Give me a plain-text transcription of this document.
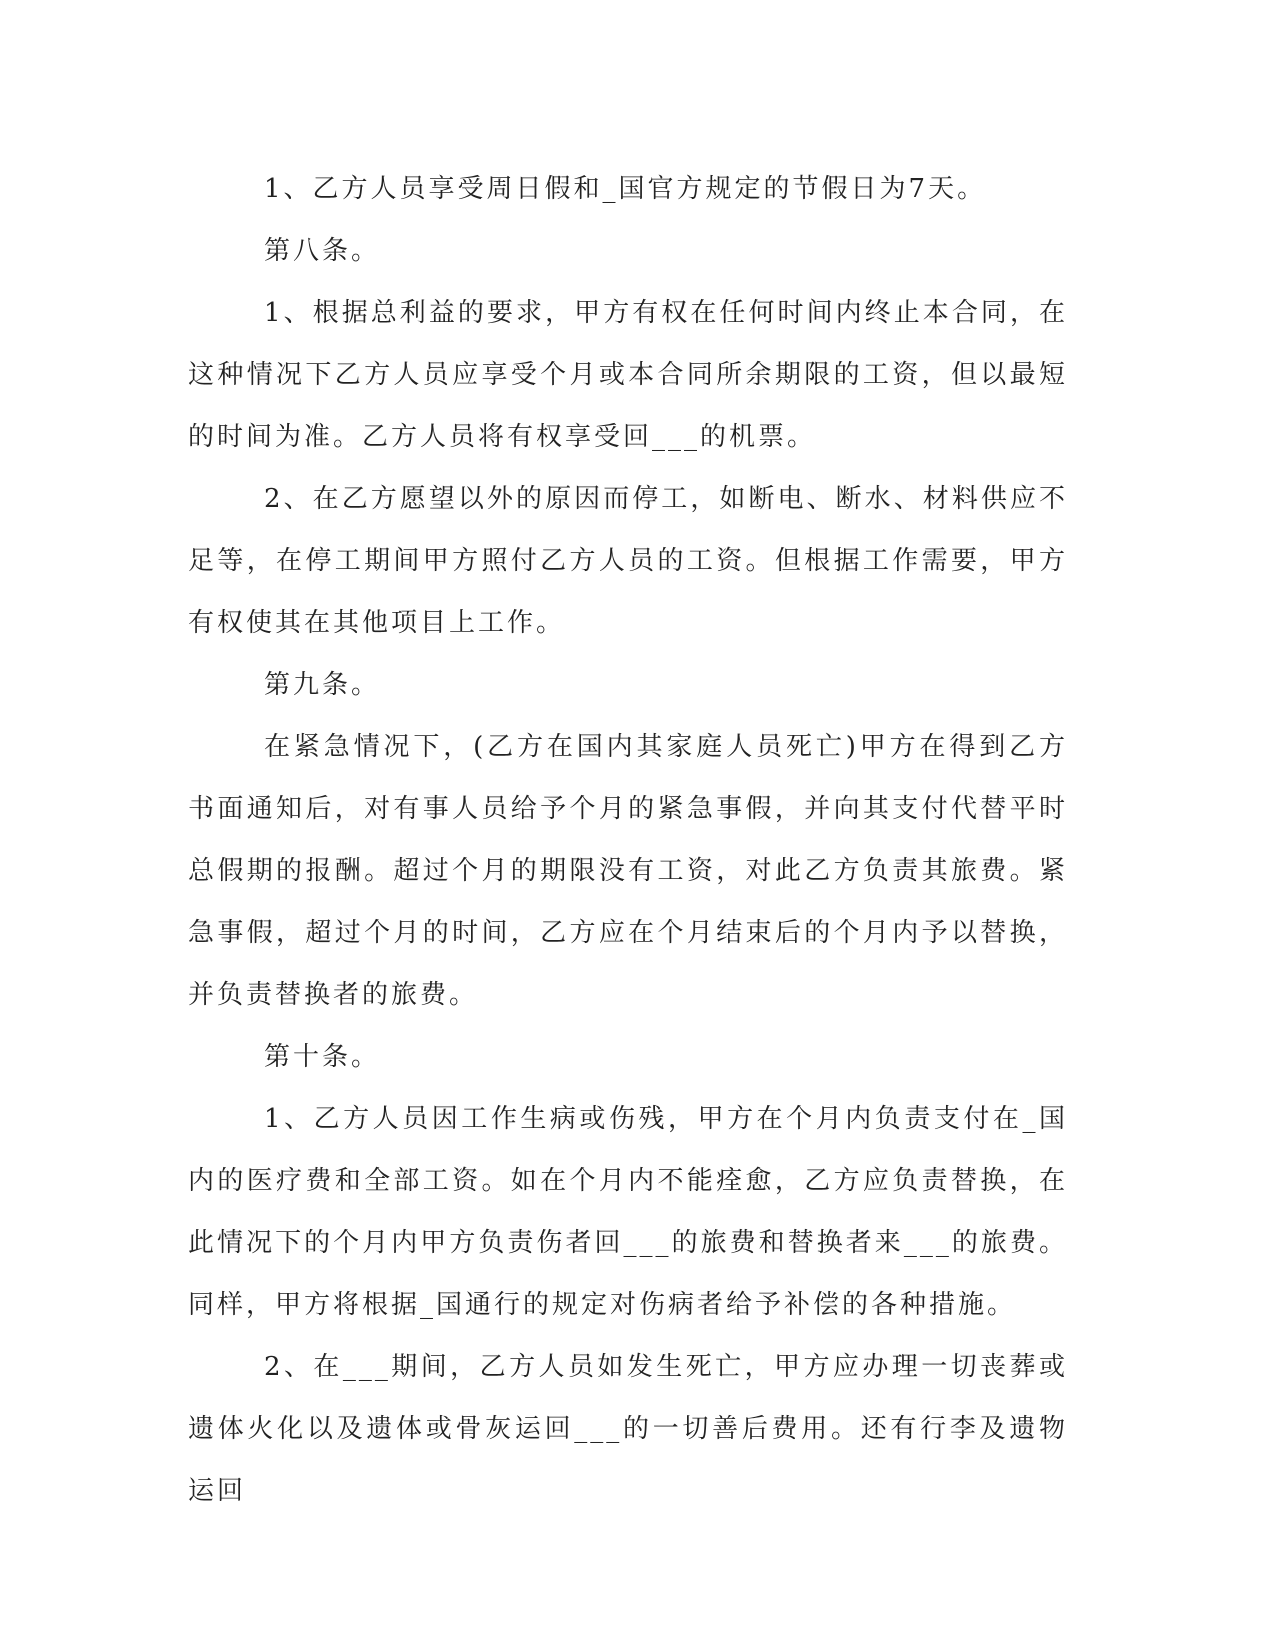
1、乙方人员享受周日假和_国官方规定的节假日为7天。

第八条。

1、根据总利益的要求，甲方有权在任何时间内终止本合同，在这种情况下乙方人员应享受个月或本合同所余期限的工资，但以最短的时间为准。乙方人员将有权享受回___的机票。

2、在乙方愿望以外的原因而停工，如断电、断水、材料供应不足等，在停工期间甲方照付乙方人员的工资。但根据工作需要，甲方有权使其在其他项目上工作。

第九条。

在紧急情况下，(乙方在国内其家庭人员死亡)甲方在得到乙方书面通知后，对有事人员给予个月的紧急事假，并向其支付代替平时总假期的报酬。超过个月的期限没有工资，对此乙方负责其旅费。紧急事假，超过个月的时间，乙方应在个月结束后的个月内予以替换，并负责替换者的旅费。

第十条。

1、乙方人员因工作生病或伤残，甲方在个月内负责支付在_国内的医疗费和全部工资。如在个月内不能痊愈，乙方应负责替换，在此情况下的个月内甲方负责伤者回___的旅费和替换者来___的旅费。同样，甲方将根据_国通行的规定对伤病者给予补偿的各种措施。

2、在___期间，乙方人员如发生死亡，甲方应办理一切丧葬或遗体火化以及遗体或骨灰运回___的一切善后费用。还有行李及遗物运回
